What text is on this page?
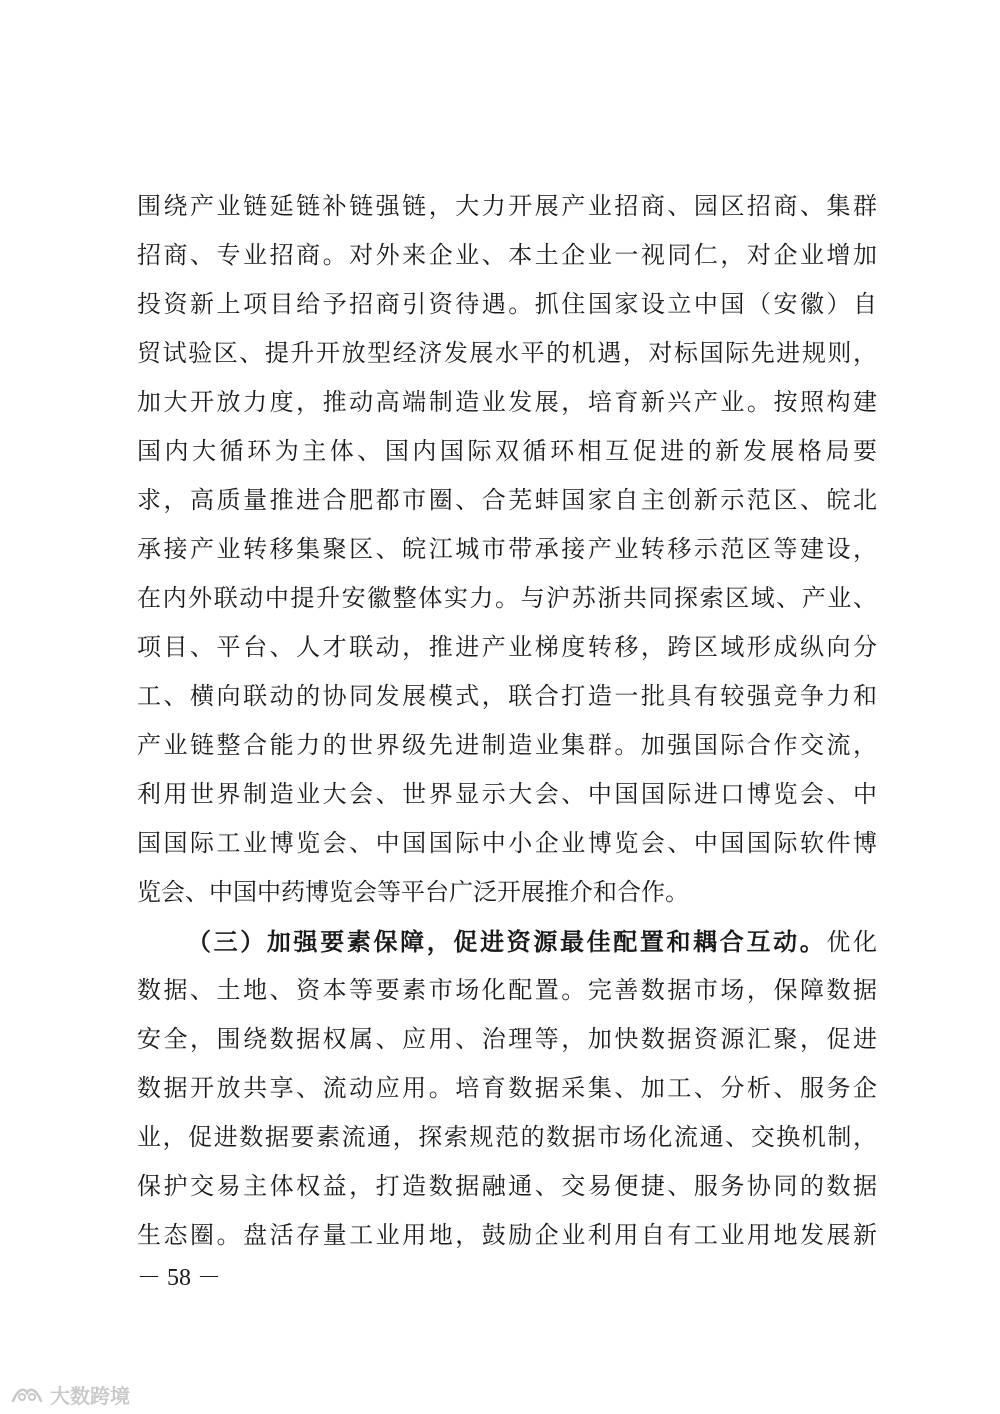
围绕产业链延链补链强链，大力开展产业招商、园区招商、集群
招商、专业招商。对外来企业、本土企业一视同仁，对企业增加
投资新上项目给予招商引资待遇。抓住国家设立中国（安徽）自
贸试验区、提升开放型经济发展水平的机遇，对标国际先进规则，
加大开放力度，推动高端制造业发展，培育新兴产业。按照构建
国内大循环为主体、国内国际双循环相互促进的新发展格局要
求，高质量推进合肥都市圈、合芜蚌国家自主创新示范区、皖北
承接产业转移集聚区、皖江城市带承接产业转移示范区等建设，
在内外联动中提升安徽整体实力。与沪苏浙共同探索区域、产业、
项目、平台、人才联动，推进产业梯度转移，跨区域形成纵向分
工、横向联动的协同发展模式，联合打造一批具有较强竞争力和
产业链整合能力的世界级先进制造业集群。加强国际合作交流，
利用世界制造业大会、世界显示大会、中国国际进口博览会、中
国国际工业博览会、中国国际中小企业博览会、中国国际软件博
览会、中国中药博览会等平台广泛开展推介和合作。
（三）加强要素保障，促进资源最佳配置和耦合互动。优化
数据、土地、资本等要素市场化配置。完善数据市场，保障数据
安全，围绕数据权属、应用、治理等，加快数据资源汇聚，促进
数据开放共享、流动应用。培育数据采集、加工、分析、服务企
业，促进数据要素流通，探索规范的数据市场化流通、交换机制，
保护交易主体权益，打造数据融通、交易便捷、服务协同的数据
生态圈。盘活存量工业用地，鼓励企业利用自有工业用地发展新
－ 58 －
大数跨境
